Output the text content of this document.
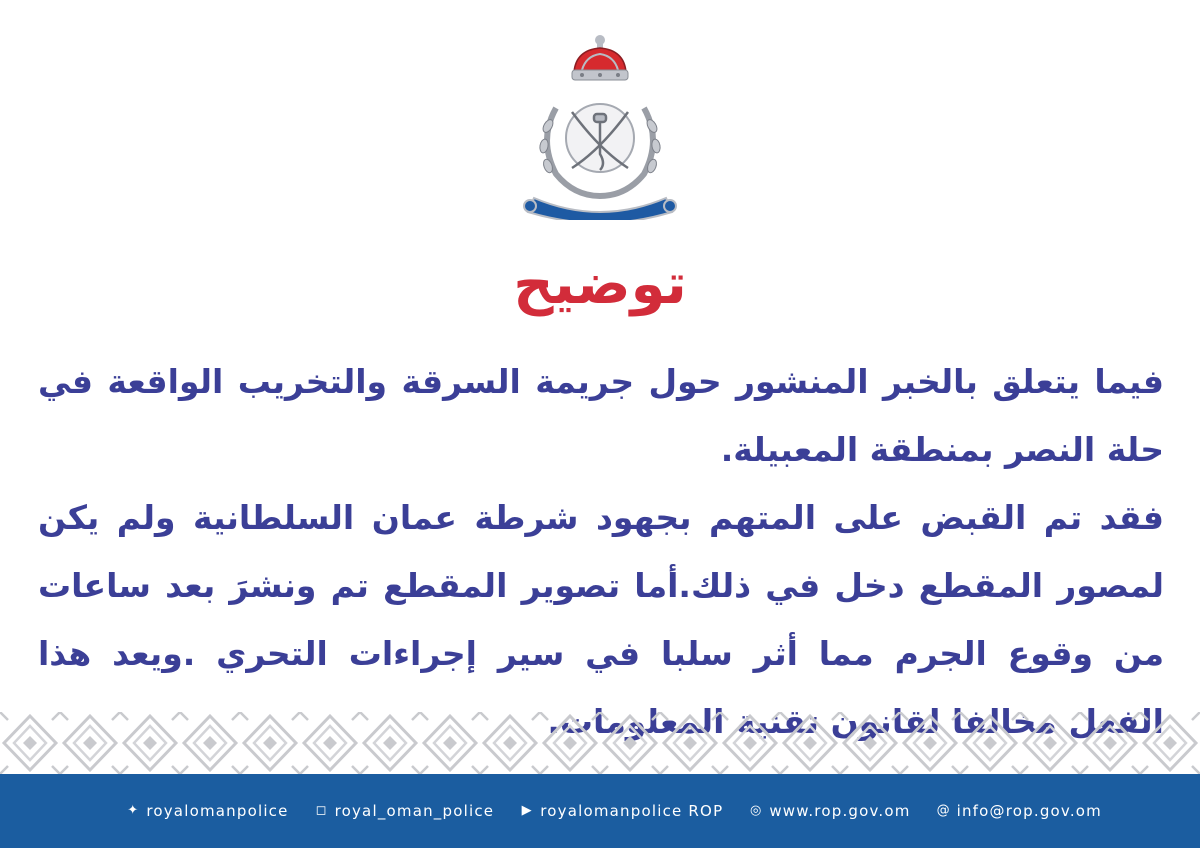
توضيح

فيما يتعلق بالخبر المنشور حول جريمة السرقة والتخريب الواقعة في حلة النصر بمنطقة المعبيلة.

فقد تم القبض على المتهم بجهود شرطة عمان السلطانية ولم يكن لمصور المقطع دخل في ذلك.أما تصوير المقطع تم ونشرَ بعد ساعات من وقوع الجرم مما أثر سلبا في سير إجراءات التحري .ويعد هذا

@ info@rop.gov.om
◎ www.rop.gov.om
▶ royalomanpolice ROP
◻ royal_oman_police
✦ royalomanpolice
